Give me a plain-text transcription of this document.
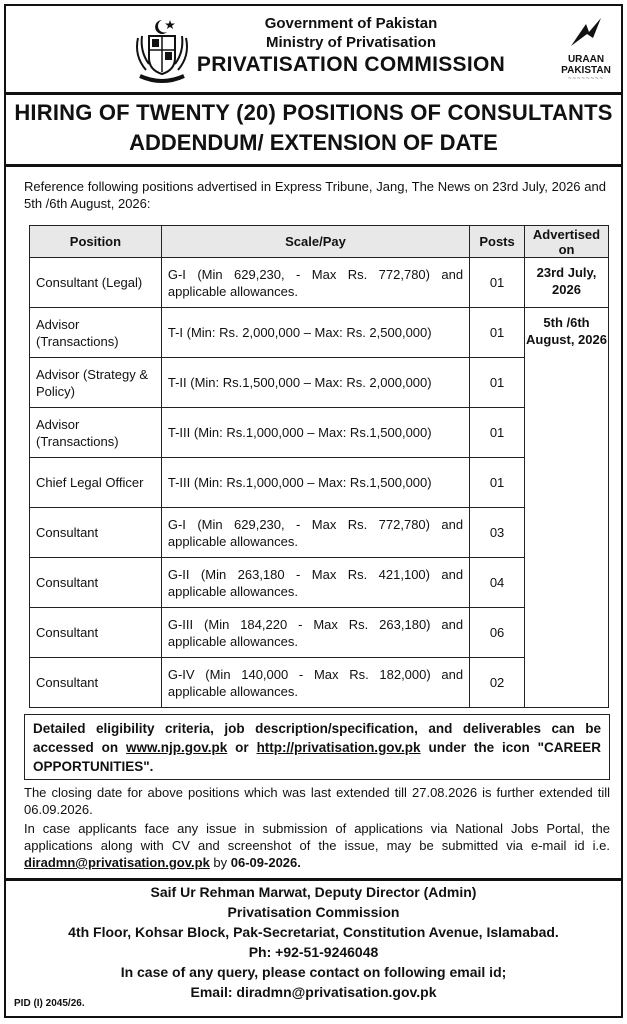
Government of Pakistan
Ministry of Privatisation
PRIVATISATION COMMISSION	URAAN
PAKISTAN
~~~~~~~~
HIRING OF TWENTY (20) POSITIONS OF CONSULTANTS
ADDENDUM/ EXTENSION OF DATE
Reference following positions advertised in Express Tribune, Jang, The News on 23rd July, 2026 and 5th /6th August, 2026:
Position	Scale/Pay	Posts	Advertised on
Consultant (Legal)	G-I (Min 629,230, - Max Rs. 772,780) and applicable allowances.	01	23rd July, 2026
5th /6th August, 2026

Advisor (Transactions)	T-I (Min: Rs. 2,000,000 – Max: Rs. 2,500,000)	01	
Advisor (Strategy & Policy)	T-II (Min: Rs.1,500,000 – Max: Rs. 2,000,000)	01	
Advisor (Transactions)	T-III (Min: Rs.1,000,000 – Max: Rs.1,500,000)	01	
Chief Legal Officer	T-III (Min: Rs.1,000,000 – Max: Rs.1,500,000)	01	
Consultant	G-I (Min 629,230, - Max Rs. 772,780) and applicable allowances.	03	
Consultant	G-II (Min 263,180 - Max Rs. 421,100) and applicable allowances.	04	
Consultant	G-III (Min 184,220 - Max Rs. 263,180) and applicable allowances.	06	
Consultant	G-IV (Min 140,000 - Max Rs. 182,000) and applicable allowances.	02	
Detailed eligibility criteria, job description/specification, and deliverables can be accessed on www.njp.gov.pk or http://privatisation.gov.pk under the icon "CAREER OPPORTUNITIES".
The closing date for above positions which was last extended till 27.08.2026 is further extended till 06.09.2026.
In case applicants face any issue in submission of applications via National Jobs Portal, the applications along with CV and screenshot of the issue, may be submitted via e-mail id i.e. diradmn@privatisation.gov.pk by 06-09-2026.
Saif Ur Rehman Marwat, Deputy Director (Admin)
Privatisation Commission
4th Floor, Kohsar Block, Pak-Secretariat, Constitution Avenue, Islamabad.
Ph: +92-51-9246048
In case of any query, please contact on following email id;
Email: diradmn@privatisation.gov.pk
PID (I) 2045/26.
